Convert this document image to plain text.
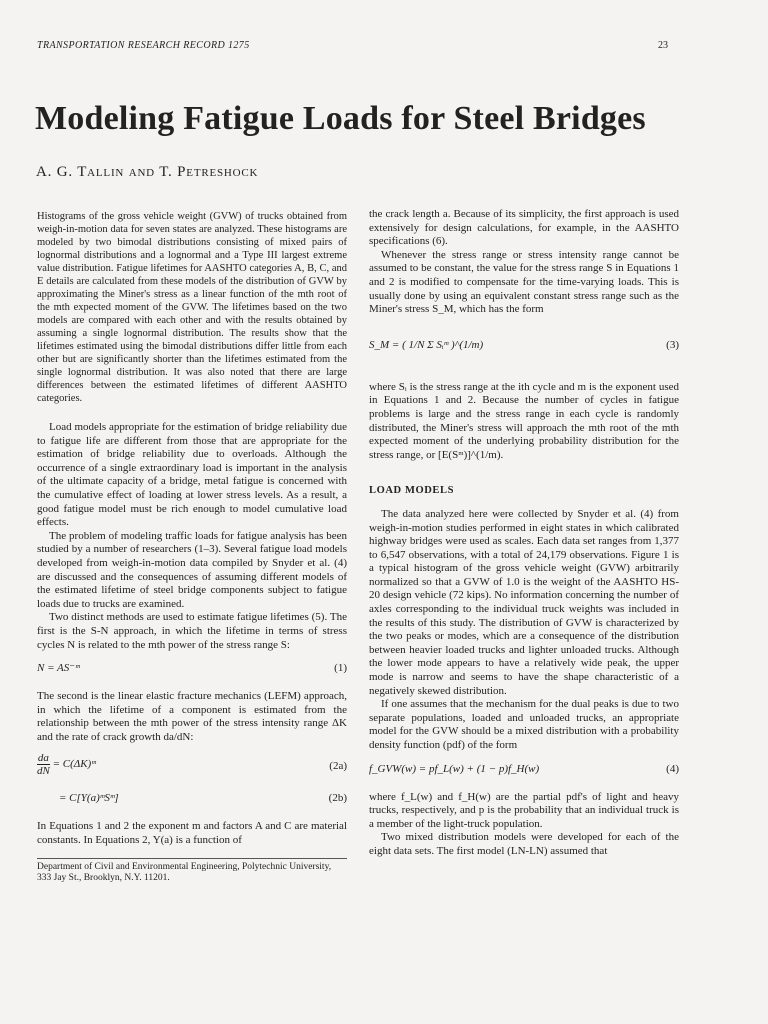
TRANSPORTATION RESEARCH RECORD 1275	23
Modeling Fatigue Loads for Steel Bridges
A. G. Tallin and T. Petreshock

Histograms of the gross vehicle weight (GVW) of trucks obtained from weigh-in-motion data for seven states are analyzed. These histograms are modeled by two bimodal distributions consisting of mixed pairs of lognormal distributions and a lognormal and a Type III largest extreme value distribution. Fatigue lifetimes for AASHTO categories A, B, C, and E details are calculated from these models of the distribution of GVW by approximating the Miner's stress as a linear function of the mth root of the mth expected moment of the GVW. The lifetimes based on the two models are compared with each other and with the results obtained by assuming a single lognormal distribution. The results show that the lifetimes estimated using the bimodal distributions differ little from each other but are significantly shorter than the lifetimes estimated from the single lognormal distribution. It was also noted that there are large differences between the estimated lifetimes of different AASHTO categories.

Load models appropriate for the estimation of bridge reliability due to fatigue life are different from those that are appropriate for the estimation of bridge reliability due to overloads. Although the occurrence of a single extraordinary load is important in the analysis of the ultimate capacity of a bridge, metal fatigue is concerned with the cumulative effect of loading at lower stress levels. As a result, a good fatigue model must be rich enough to model cumulative load effects.

The problem of modeling traffic loads for fatigue analysis has been studied by a number of researchers (1–3). Several fatigue load models developed from weigh-in-motion data compiled by Snyder et al. (4) are discussed and the consequences of assuming different models of the estimated lifetime of steel bridge components subject to fatigue loads due to trucks are examined.

Two distinct methods are used to estimate fatigue lifetimes (5). The first is the S-N approach, in which the lifetime in terms of stress cycles N is related to the mth power of the stress range S:

N = AS⁻ᵐ	(1)

The second is the linear elastic fracture mechanics (LEFM) approach, in which the lifetime of a component is estimated from the relationship between the mth power of the stress intensity range ΔK and the rate of crack growth da/dN:

$\frac{da}{dN}$ = C(ΔK)ᵐ	(2a)
= C[Y(a)ᵐSᵐ]	(2b)

In Equations 1 and 2 the exponent m and factors A and C are material constants. In Equations 2, Y(a) is a function of

Department of Civil and Environmental Engineering, Polytechnic University, 333 Jay St., Brooklyn, N.Y. 11201.

the crack length a. Because of its simplicity, the first approach is used extensively for design calculations, for example, in the AASHTO specifications (6).

Whenever the stress range or stress intensity range cannot be assumed to be constant, the value for the stress range S in Equations 1 and 2 is modified to compensate for the time-varying loads. This is usually done by using an equivalent constant stress range such as the Miner's stress S_M, which has the form

S_M = ( 1/N Σ Sᵢᵐ )^(1/m)	(3)

where Sᵢ is the stress range at the ith cycle and m is the exponent used in Equations 1 and 2. Because the number of cycles in fatigue problems is large and the stress range in each cycle is randomly distributed, the Miner's stress will approach the mth root of the mth expected moment of the underlying probability distribution for the stress range, or [E(Sᵐ)]^(1/m).

LOAD MODELS

The data analyzed here were collected by Snyder et al. (4) from weigh-in-motion studies performed in eight states in which calibrated highway bridges were used as scales. Each data set ranges from 1,377 to 6,547 observations, with a total of 24,179 observations. Figure 1 is a typical histogram of the gross vehicle weight (GVW) arbitrarily normalized so that a GVW of 1.0 is the weight of the AASHTO HS-20 design vehicle (72 kips). No information concerning the number of axles corresponding to the individual truck weights was included in the results of this study. The distribution of GVW is characterized by the two peaks or modes, which are a consequence of the distribution between heavier loaded trucks and lighter unloaded trucks. Although the lower mode appears to have a relatively wide peak, the upper mode is narrow and seems to have the shape characteristic of a negatively skewed distribution.

If one assumes that the mechanism for the dual peaks is due to two separate populations, loaded and unloaded trucks, an appropriate model for the GVW should be a mixed distribution with a probability density function (pdf) of the form

f_GVW(w) = pf_L(w) + (1 − p)f_H(w)	(4)

where f_L(w) and f_H(w) are the partial pdf's of light and heavy trucks, respectively, and p is the probability that an individual truck is a member of the light-truck population.

Two mixed distribution models were developed for each of the eight data sets. The first model (LN-LN) assumed that
